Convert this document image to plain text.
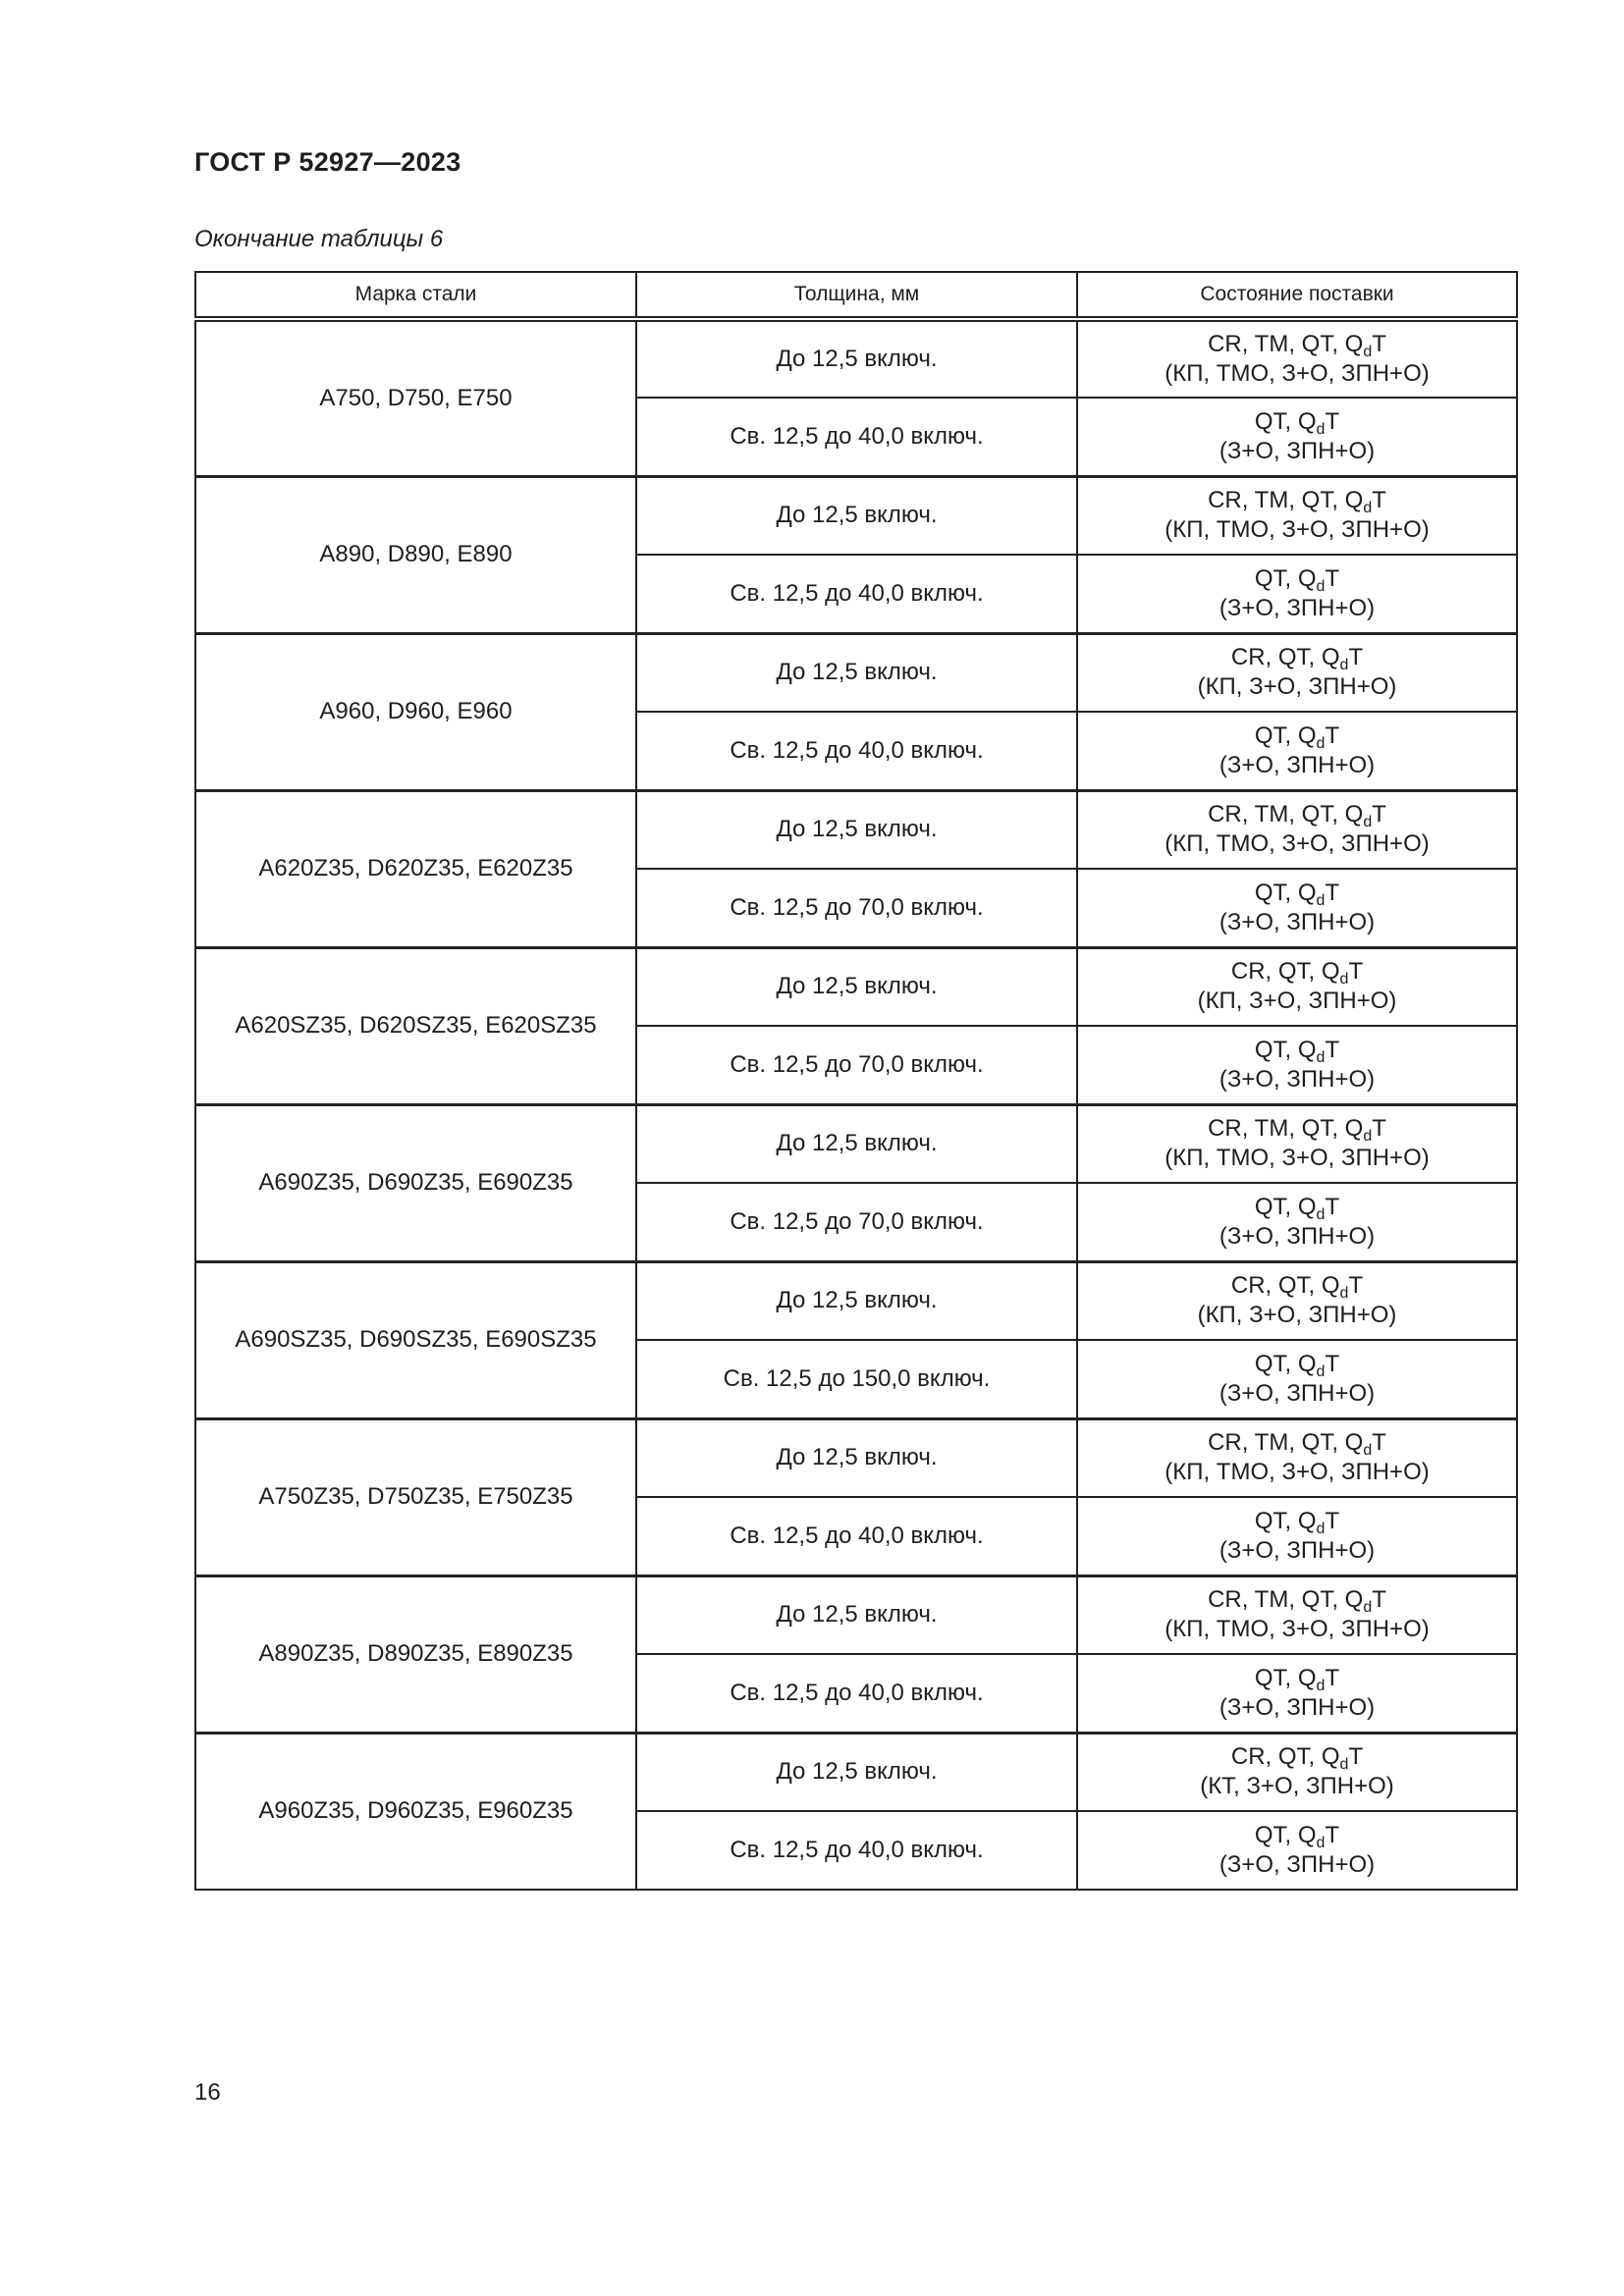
ГОСТ Р 52927—2023
Окончание таблицы 6
Марка стали	Толщина, мм	Состояние поставки
A750, D750, E750	До 12,5 включ.	CR, TM, QT, $Q_dT$
(КП, ТМО, З+О, ЗПН+О)

	Св. 12,5 до 40,0 включ.	QT, $Q_dT$
(З+О, ЗПН+О)

A890, D890, E890	До 12,5 включ.	CR, TM, QT, $Q_dT$
(КП, ТМО, З+О, ЗПН+О)

	Св. 12,5 до 40,0 включ.	QT, $Q_dT$
(З+О, ЗПН+О)

A960, D960, E960	До 12,5 включ.	CR, QT, $Q_dT$
(КП, З+О, ЗПН+О)

	Св. 12,5 до 40,0 включ.	QT, $Q_dT$
(З+О, ЗПН+О)

A620Z35, D620Z35, E620Z35	До 12,5 включ.	CR, TM, QT, $Q_dT$
(КП, ТМО, З+О, ЗПН+О)

	Св. 12,5 до 70,0 включ.	QT, $Q_dT$
(З+О, ЗПН+О)

A620SZ35, D620SZ35, E620SZ35	До 12,5 включ.	CR, QT, $Q_dT$
(КП, З+О, ЗПН+О)

	Св. 12,5 до 70,0 включ.	QT, $Q_dT$
(З+О, ЗПН+О)

A690Z35, D690Z35, E690Z35	До 12,5 включ.	CR, TM, QT, $Q_dT$
(КП, ТМО, З+О, ЗПН+О)

	Св. 12,5 до 70,0 включ.	QT, $Q_dT$
(З+О, ЗПН+О)

A690SZ35, D690SZ35, E690SZ35	До 12,5 включ.	CR, QT, $Q_dT$
(КП, З+О, ЗПН+О)

	Св. 12,5 до 150,0 включ.	QT, $Q_dT$
(З+О, ЗПН+О)

A750Z35, D750Z35, E750Z35	До 12,5 включ.	CR, TM, QT, $Q_dT$
(КП, ТМО, З+О, ЗПН+О)

	Св. 12,5 до 40,0 включ.	QT, $Q_dT$
(З+О, ЗПН+О)

A890Z35, D890Z35, E890Z35	До 12,5 включ.	CR, TM, QT, $Q_dT$
(КП, ТМО, З+О, ЗПН+О)

	Св. 12,5 до 40,0 включ.	QT, $Q_dT$
(З+О, ЗПН+О)

A960Z35, D960Z35, E960Z35	До 12,5 включ.	CR, QT, $Q_dT$
(КТ, З+О, ЗПН+О)

	Св. 12,5 до 40,0 включ.	QT, $Q_dT$
(З+О, ЗПН+О)
16
